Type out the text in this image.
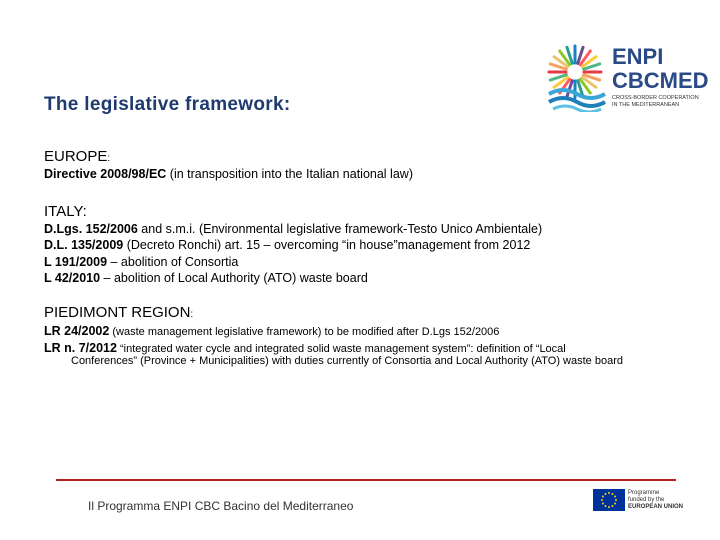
ENPI
CBCMED
CROSS-BORDER COOPERATION
IN THE MEDITERRANEAN
The legislative framework:
EUROPE:
Directive 2008/98/EC (in transposition into the Italian national law)
ITALY:
D.Lgs. 152/2006 and s.m.i. (Environmental legislative framework-Testo Unico Ambientale)
D.L. 135/2009 (Decreto Ronchi) art. 15 – overcoming “in house”management from 2012
L 191/2009 – abolition of Consortia
L 42/2010 – abolition of Local Authority (ATO) waste board
PIEDIMONT REGION:
LR 24/2002 (waste management legislative framework) to be modified after D.Lgs 152/2006
LR n. 7/2012 “integrated water cycle and integrated solid waste management system”: definition of “Local
Conferences” (Province + Municipalities) with duties currently of Consortia and Local Authority (ATO) waste board
Il Programma ENPI CBC Bacino del Mediterraneo
Programme
funded by the
EUROPEAN UNION
